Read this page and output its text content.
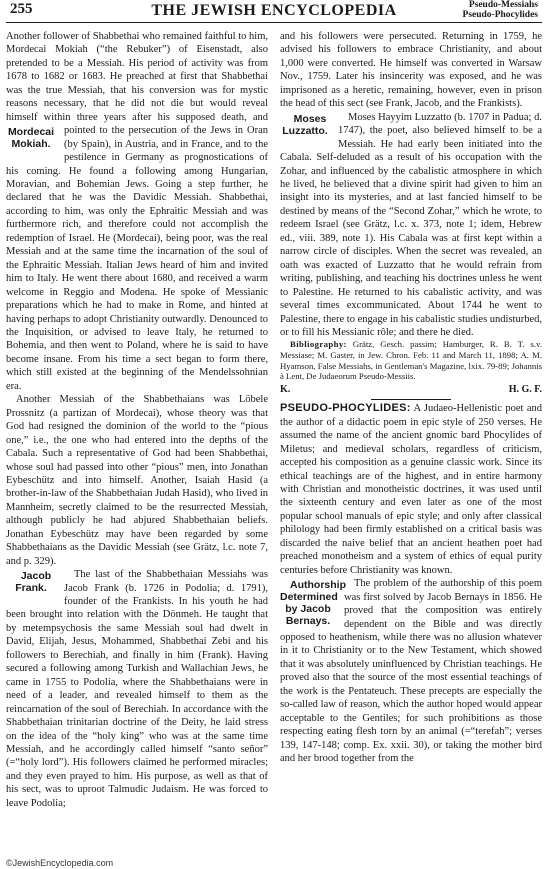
255	THE JEWISH ENCYCLOPEDIA	Pseudo-Messiahs
Pseudo-Phocylides

Another follower of Shabbethai who remained faithful to him, Mordecai Mokiah (“the Rebuker”) of Eisenstadt, also pretended to be a Messiah. His period of activity was from 1678 to 1682 or 1683. He preached at first that Shabbethai was the true Messiah, that his conversion was for mystic reasons necessary, that he did not die but would reveal himself within three years after his supposed death, and pointed to the persecution of the Jews in Oran
Mordecai Mokiah.	(by Spain), in Austria, and in France, and to the pestilence in Germany as prognostications of his coming. He found a following among Hungarian, Moravian, and Bohemian Jews. Going a step further, he declared that he was the Davidic Messiah. Shabbethai, according to him, was only the Ephraitic Messiah and was furthermore rich, and therefore could not accomplish the redemption of Israel. He (Mordecai), being poor, was the real Messiah and at the same time the incarnation of the soul of the Ephraitic Messiah. Italian Jews heard of him and invited him to Italy. He went there about 1680, and received a warm welcome in Reggio and Modena. He spoke of Messianic preparations which he had to make in Rome, and hinted at having perhaps to adopt Christianity outwardly. Denounced to the Inquisition, or advised to leave Italy, he returned to Bohemia, and then went to Poland, where he is said to have become insane. From his time a sect began to form there, which still existed at the beginning of the Mendelssohnian era.

Another Messiah of the Shabbethaians was Löbele Prossnitz (a partizan of Mordecai), whose theory was that God had resigned the dominion of the world to the “pious one,” i.e., the one who had entered into the depths of the Cabala. Such a representative of God had been Shabbethai, whose soul had passed into other “pious” men, into Jonathan Eybeschütz and into himself. Another, Isaiah Hasid (a brother-in-law of the Shabbethaian Judah Hasid), who lived in Mannheim, secretly claimed to be the resurrected Messiah, although publicly he had abjured Shabbethaian beliefs. Jonathan Eybeschütz may have been regarded by some Shabbethaians as the Davidic Messiah (see Grätz, l.c. note 7, and p. 329).

Jacob Frank.
The last of the Shabbethaian Messiahs was Jacob Frank (b. 1726 in Podolia; d. 1791), founder of the Frankists. In his youth he had been brought into relation with the Dönmeh. He taught that by metempsychosis the same Messiah soul had dwelt in David, Elijah, Jesus, Mohammed, Shabbethai Zebi and his followers to Berechiah, and finally in him (Frank). Having secured a following among Turkish and Wallachian Jews, he came in 1755 to Podolia, where the Shabbethaians were in need of a leader, and revealed himself to them as the reincarnation of the soul of Berechiah. In accordance with the Shabbethaian trinitarian doctrine of the Deity, he laid stress on the idea of the “holy king” who was at the same time Messiah, and he accordingly called himself “santo señor” (=“holy lord”). His followers claimed he performed miracles; and they even prayed to him. His purpose, as well as that of his sect, was to uproot Talmudic Judaism. He was forced to leave Podolia;

and his followers were persecuted. Returning in 1759, he advised his followers to embrace Christianity, and about 1,000 were converted. He himself was converted in Warsaw Nov., 1759. Later his insincerity was exposed, and he was imprisoned as a heretic, remaining, however, even in prison the head of this sect (see Frank, Jacob, and the Frankists).

Moses Luzzatto.
Moses Hayyim Luzzatto (b. 1707 in Padua; d. 1747), the poet, also believed himself to be a Messiah. He had early been initiated into the Cabala. Self-deluded as a result of his occupation with the Zohar, and influenced by the cabalistic atmosphere in which he lived, he believed that a divine spirit had given to him an insight into its mysteries, and at last fancied himself to be destined by means of the “Second Zohar,” which he wrote, to redeem Israel (see Grätz, l.c. x. 373, note 1; idem, Hebrew ed., viii. 389, note 1). His Cabala was at first kept within a narrow circle of disciples. When the secret was revealed, an oath was exacted of Luzzatto that he would refrain from writing, publishing, and teaching his doctrines unless he went to Palestine. He returned to his cabalistic activity, and was several times excommunicated. About 1744 he went to Palestine, there to engage in his cabalistic studies undisturbed, or to fill his Messianic rôle; and there he died.

Bibliography: Grätz, Gesch. passim; Hamburger, R. B. T. s.v. Messiase; M. Gaster, in Jew. Chron. Feb. 11 and March 11, 1898; A. M. Hyamson, False Messiahs, in Gentleman's Magazine, lxix. 79-89; Johannis à Lent, De Judaeorum Pseudo-Messiis.

K.	H. G. F.

PSEUDO-PHOCYLIDES: A Judaeo-Hellenistic poet and the author of a didactic poem in epic style of 250 verses. He assumed the name of the ancient gnomic bard Phocylides of Miletus; and medieval scholars, regardless of criticism, accepted his composition as a genuine classic work. Since its ethical teachings are of the highest, and in entire harmony with Christian and monotheistic doctrines, it was used until the sixteenth century and even later as one of the most popular school manuals of epic style; and only after classical philology had been firmly established on a critical basis was discarded the naive belief that an ancient heathen poet had preached monotheism and a system of ethics of equal purity centuries before Christianity was known.

Authorship Determined by Jacob Bernays.
The problem of the authorship of this poem was first solved by Jacob Bernays in 1856. He proved that the composition was entirely dependent on the Bible and was directly opposed to heathenism, while there was no allusion whatever in it to Christianity or to the New Testament, which showed that it was absolutely uninfluenced by Christian teachings. He proved also that the source of the most essential teachings of the work is the Pentateuch. These precepts are especially the so-called law of reason, which the author hoped would appear acceptable to the Gentiles; for such prohibitions as those respecting eating flesh torn by an animal (=“terefah”; verses 139, 147-148; comp. Ex. xxii. 30), or taking the mother bird and her brood together from the

©JewishEncyclopedia.com
